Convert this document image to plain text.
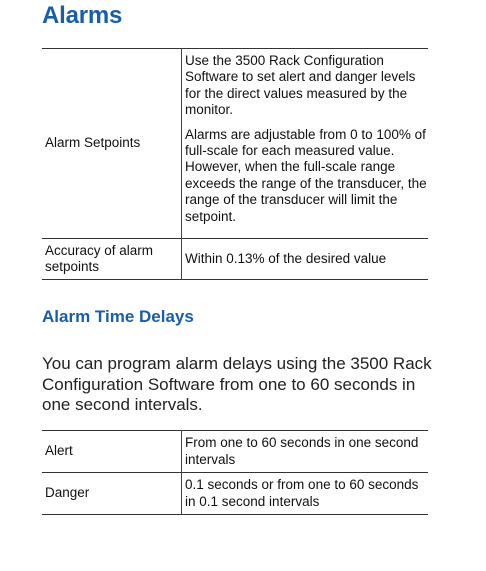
Alarms
Alarm Setpoints	Use the 3500 Rack Configuration Software to set alert and danger levels for the direct values measured by the monitor.
Alarms are adjustable from 0 to 100% of full-scale for each measured value. However, when the full-scale range exceeds the range of the transducer, the range of the transducer will limit the setpoint.

Accuracy of alarm setpoints	Within 0.13% of the desired value
Alarm Time Delays
You can program alarm delays using the 3500 Rack Configuration Software from one to 60 seconds in one second intervals.
Alert	From one to 60 seconds in one second intervals
Danger	0.1 seconds or from one to 60 seconds in 0.1 second intervals
